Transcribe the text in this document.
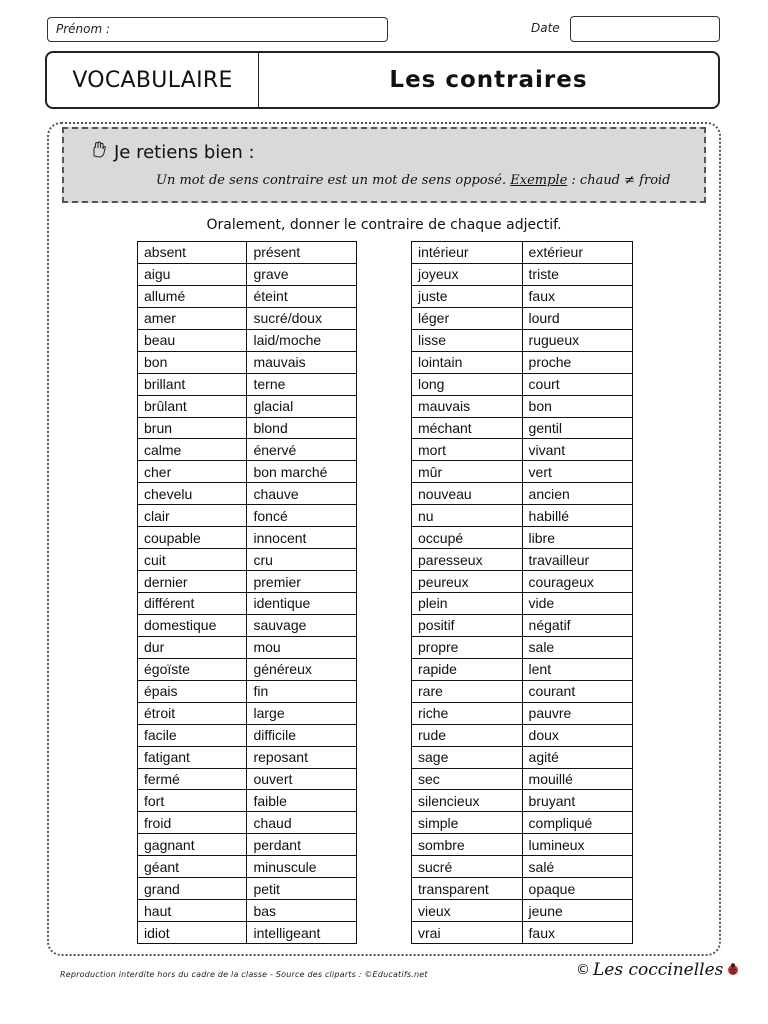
Prénom :	Date
VOCABULAIRE	Les contraires
Je retiens bien :
Un mot de sens contraire est un mot de sens opposé. Exemple : chaud ≠ froid
Oralement, donner le contraire de chaque adjectif.
absent	présent
aigu	grave
allumé	éteint
amer	sucré/doux
beau	laid/moche
bon	mauvais
brillant	terne
brûlant	glacial
brun	blond
calme	énervé
cher	bon marché
chevelu	chauve
clair	foncé
coupable	innocent
cuit	cru
dernier	premier
différent	identique
domestique	sauvage
dur	mou
égoïste	généreux
épais	fin
étroit	large
facile	difficile
fatigant	reposant
fermé	ouvert
fort	faible
froid	chaud
gagnant	perdant
géant	minuscule
grand	petit
haut	bas
idiot	intelligeant
intérieur	extérieur
joyeux	triste
juste	faux
léger	lourd
lisse	rugueux
lointain	proche
long	court
mauvais	bon
méchant	gentil
mort	vivant
mûr	vert
nouveau	ancien
nu	habillé
occupé	libre
paresseux	travailleur
peureux	courageux
plein	vide
positif	négatif
propre	sale
rapide	lent
rare	courant
riche	pauvre
rude	doux
sage	agité
sec	mouillé
silencieux	bruyant
simple	compliqué
sombre	lumineux
sucré	salé
transparent	opaque
vieux	jeune
vrai	faux
Reproduction interdite hors du cadre de la classe - Source des cliparts : ©Educatifs.net	© Les coccinelles
